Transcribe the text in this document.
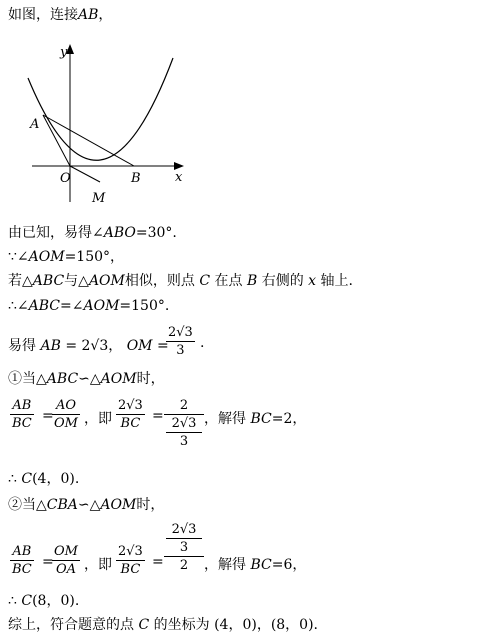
如图，连接AB，
y
x
A
O	B
M
由已知，易得∠ABO=30°.
∵∠AOM=150°，
若△ABC与△AOM相似，则点 C 在点 B 右侧的 x 轴上.
∴∠ABC=∠AOM=150°.
易得 AB = 2√3， OM =
$\frac{2√3}{3}$ .
①当△ABC∽△AOM时，
$\frac{AB}{BC}$ =
$\frac{AO}{OM}$ ，即 $\frac{2√3}{BC} = 2$
2√3
3 ，解得 BC=2，
∴ C(4，0).
②当△CBA∽△AOM时，
$\frac{AB}{BC}$ =
$\frac{OM}{OA}$ ，即 $\frac{2√3}{BC} = 2√3$
3
2 ，解得 BC=6，
∴ C(8，0).
综上，符合题意的点 C 的坐标为 (4，0)，(8，0).
